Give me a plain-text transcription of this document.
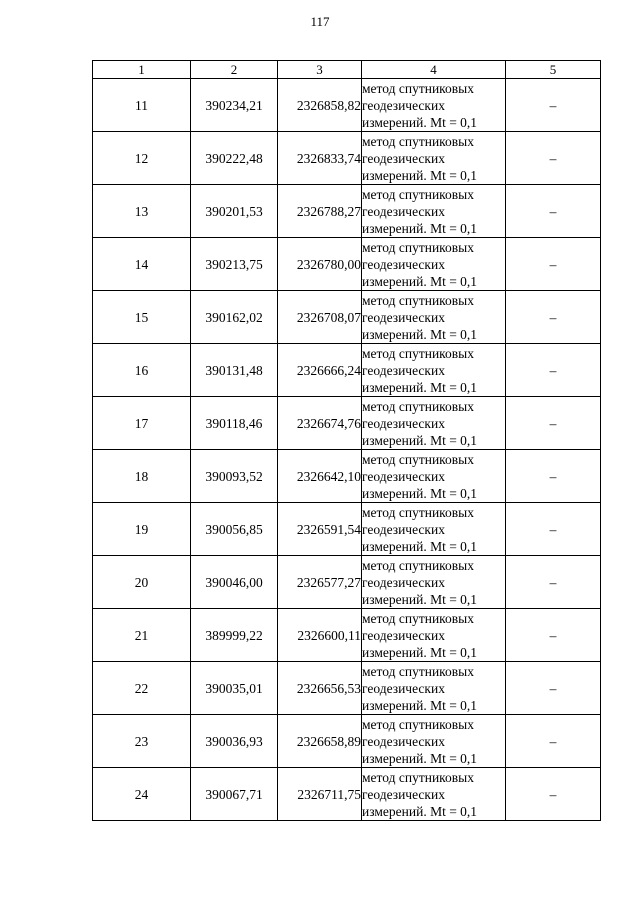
117
1	2	3	4	5
11	390234,21	2326858,82	метод спутниковых
геодезических
измерений. Mt = 0,1	–
12	390222,48	2326833,74	метод спутниковых
геодезических
измерений. Mt = 0,1	–
13	390201,53	2326788,27	метод спутниковых
геодезических
измерений. Mt = 0,1	–
14	390213,75	2326780,00	метод спутниковых
геодезических
измерений. Mt = 0,1	–
15	390162,02	2326708,07	метод спутниковых
геодезических
измерений. Mt = 0,1	–
16	390131,48	2326666,24	метод спутниковых
геодезических
измерений. Mt = 0,1	–
17	390118,46	2326674,76	метод спутниковых
геодезических
измерений. Mt = 0,1	–
18	390093,52	2326642,10	метод спутниковых
геодезических
измерений. Mt = 0,1	–
19	390056,85	2326591,54	метод спутниковых
геодезических
измерений. Mt = 0,1	–
20	390046,00	2326577,27	метод спутниковых
геодезических
измерений. Mt = 0,1	–
21	389999,22	2326600,11	метод спутниковых
геодезических
измерений. Mt = 0,1	–
22	390035,01	2326656,53	метод спутниковых
геодезических
измерений. Mt = 0,1	–
23	390036,93	2326658,89	метод спутниковых
геодезических
измерений. Mt = 0,1	–
24	390067,71	2326711,75	метод спутниковых
геодезических
измерений. Mt = 0,1	–
